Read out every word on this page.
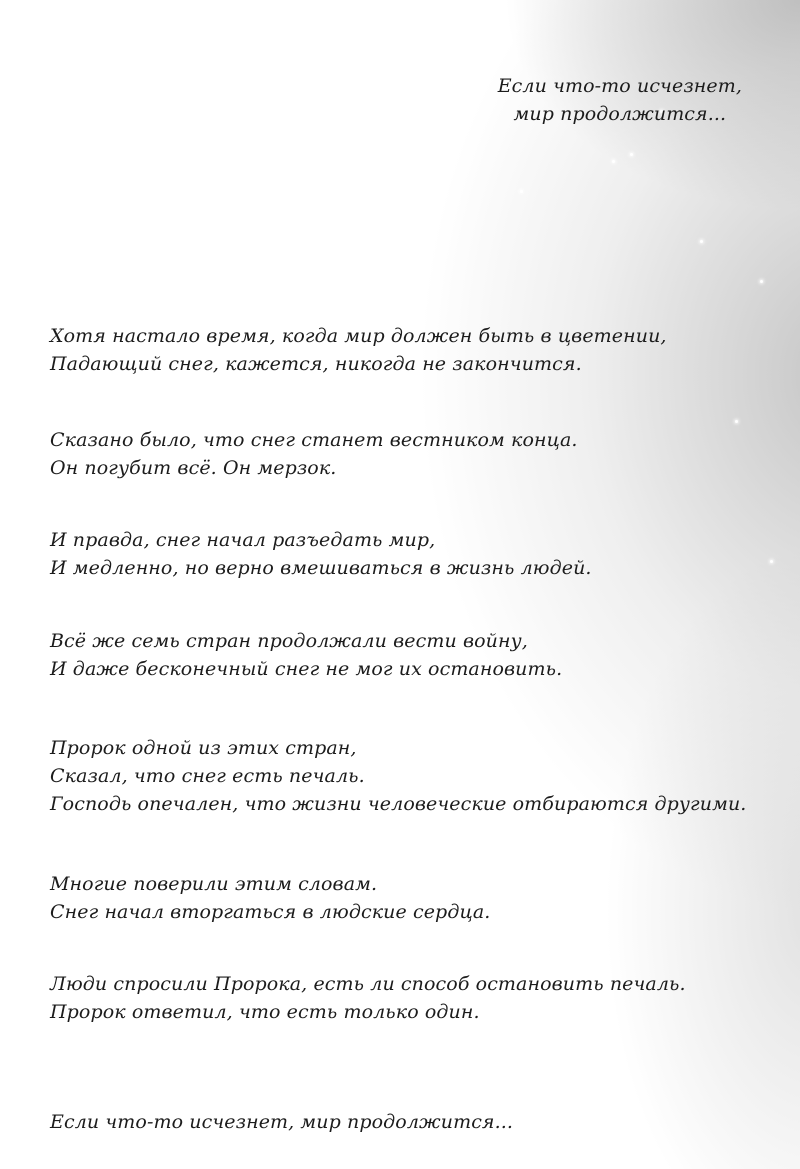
Если что-то исчезнет,
мир продолжится...

Хотя настало время, когда мир должен быть в цветении,
Падающий снег, кажется, никогда не закончится.

Сказано было, что снег станет вестником конца.
Он погубит всё. Он мерзок.

И правда, снег начал разъедать мир,
И медленно, но верно вмешиваться в жизнь людей.

Всё же семь стран продолжали вести войну,
И даже бесконечный снег не мог их остановить.

Пророк одной из этих стран,
Сказал, что снег есть печаль.
Господь опечален, что жизни человеческие отбираются другими.

Многие поверили этим словам.
Снег начал вторгаться в людские сердца.

Люди спросили Пророка, есть ли способ остановить печаль.
Пророк ответил, что есть только один.

Если что-то исчезнет, мир продолжится...
